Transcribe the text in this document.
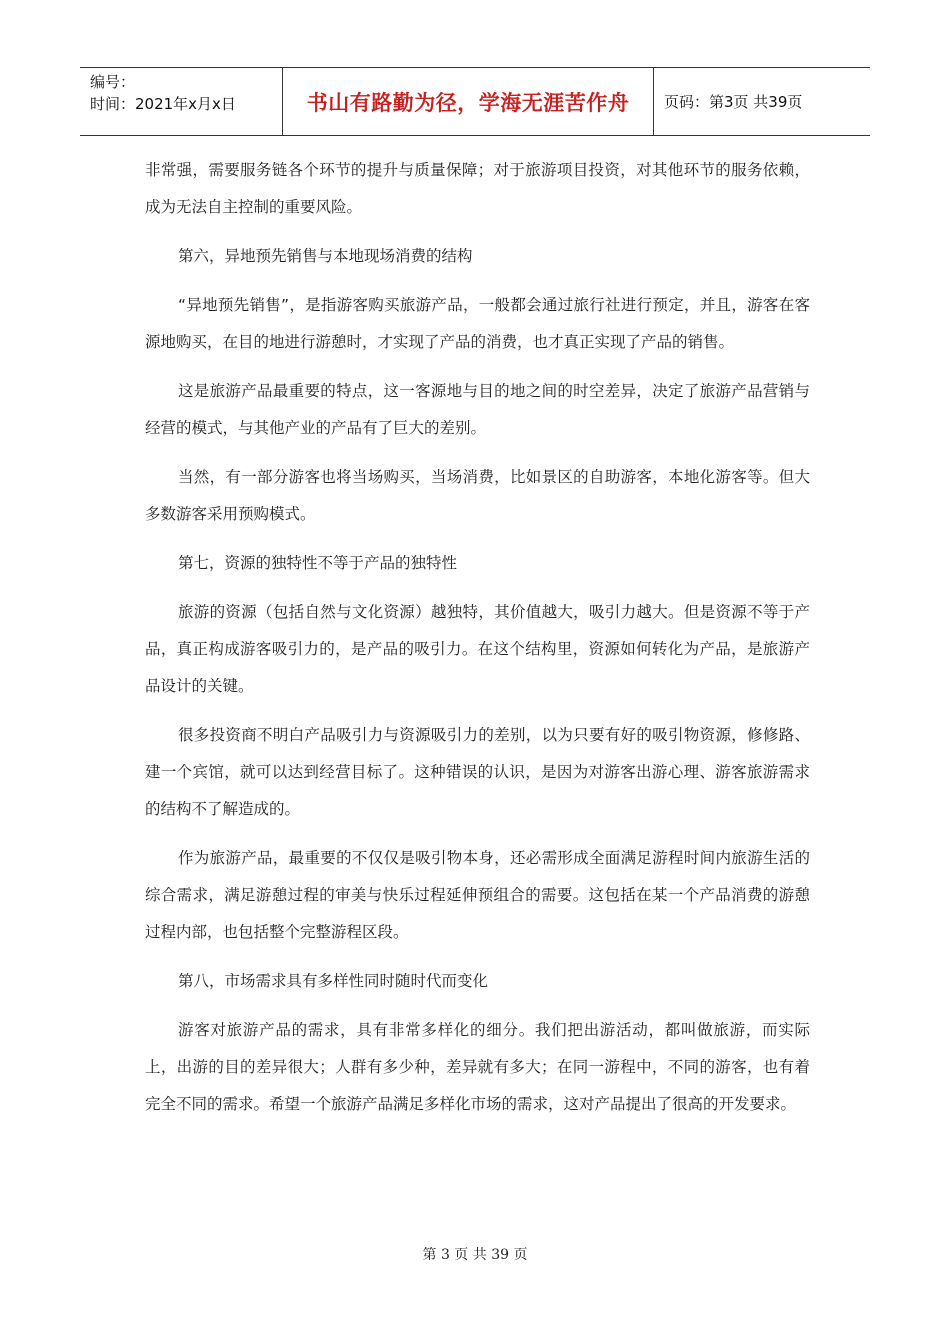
编号：
时间：2021年x月x日	书山有路勤为径，学海无涯苦作舟 页码：第3页 共39页

非常强，需要服务链各个环节的提升与质量保障；对于旅游项目投资，对其他环节的服务依赖，成为无法自主控制的重要风险。

第六，异地预先销售与本地现场消费的结构

“异地预先销售”，是指游客购买旅游产品，一般都会通过旅行社进行预定，并且，游客在客源地购买，在目的地进行游憩时，才实现了产品的消费，也才真正实现了产品的销售。

这是旅游产品最重要的特点，这一客源地与目的地之间的时空差异，决定了旅游产品营销与经营的模式，与其他产业的产品有了巨大的差别。

当然，有一部分游客也将当场购买，当场消费，比如景区的自助游客，本地化游客等。但大多数游客采用预购模式。

第七，资源的独特性不等于产品的独特性

旅游的资源（包括自然与文化资源）越独特，其价值越大，吸引力越大。但是资源不等于产品，真正构成游客吸引力的，是产品的吸引力。在这个结构里，资源如何转化为产品，是旅游产品设计的关键。

很多投资商不明白产品吸引力与资源吸引力的差别，以为只要有好的吸引物资源，修修路、建一个宾馆，就可以达到经营目标了。这种错误的认识，是因为对游客出游心理、游客旅游需求的结构不了解造成的。

作为旅游产品，最重要的不仅仅是吸引物本身，还必需形成全面满足游程时间内旅游生活的综合需求，满足游憩过程的审美与快乐过程延伸预组合的需要。这包括在某一个产品消费的游憩过程内部，也包括整个完整游程区段。

第八，市场需求具有多样性同时随时代而变化

游客对旅游产品的需求，具有非常多样化的细分。我们把出游活动，都叫做旅游，而实际上，出游的目的差异很大；人群有多少种，差异就有多大；在同一游程中，不同的游客，也有着完全不同的需求。希望一个旅游产品满足多样化市场的需求，这对产品提出了很高的开发要求。

第 3 页 共 39 页
